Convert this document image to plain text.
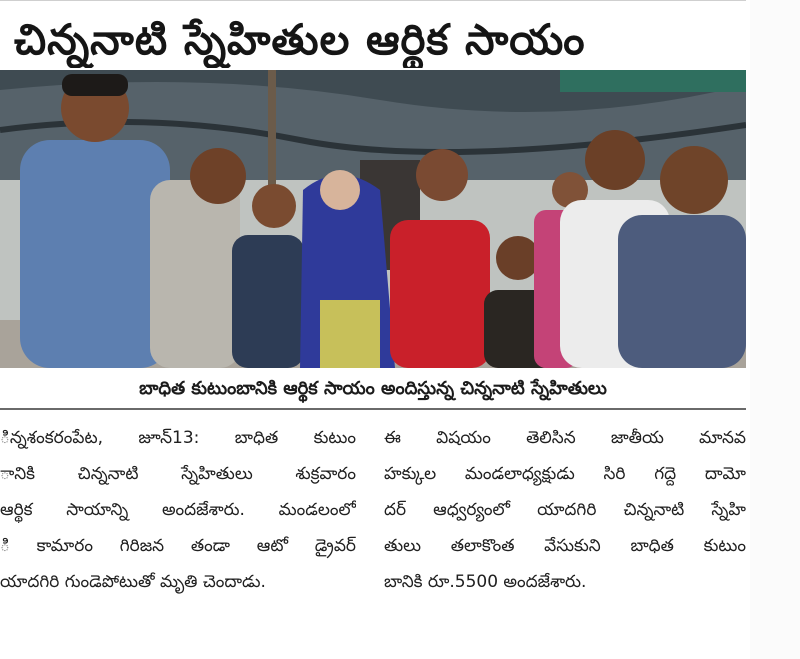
చిన్ననాటి స్నేహితుల ఆర్థిక సాయం
బాధిత కుటుంబానికి ఆర్థిక సాయం అందిస్తున్న చిన్ననాటి స్నేహితులు
ిన్నశంకరంపేట, జూన్13: బాధిత కుటుం
ానికి చిన్ననాటి స్నేహితులు శుక్రవారం
ఆర్థిక సాయాన్ని అందజేశారు. మండలంలో
ి కామారం గిరిజన తండా ఆటో డ్రైవర్
యాదగిరి గుండెపోటుతో మృతి చెందాడు.
ఈ విషయం తెలిసిన జాతీయ మానవ
హక్కుల మండలాధ్యక్షుడు సిరి గద్దె దామో
దర్ ఆధ్వర్యంలో యాదగిరి చిన్ననాటి స్నేహి
తులు తలాకొంత వేసుకుని బాధిత కుటుం
బానికి రూ.5500 అందజేశారు.
